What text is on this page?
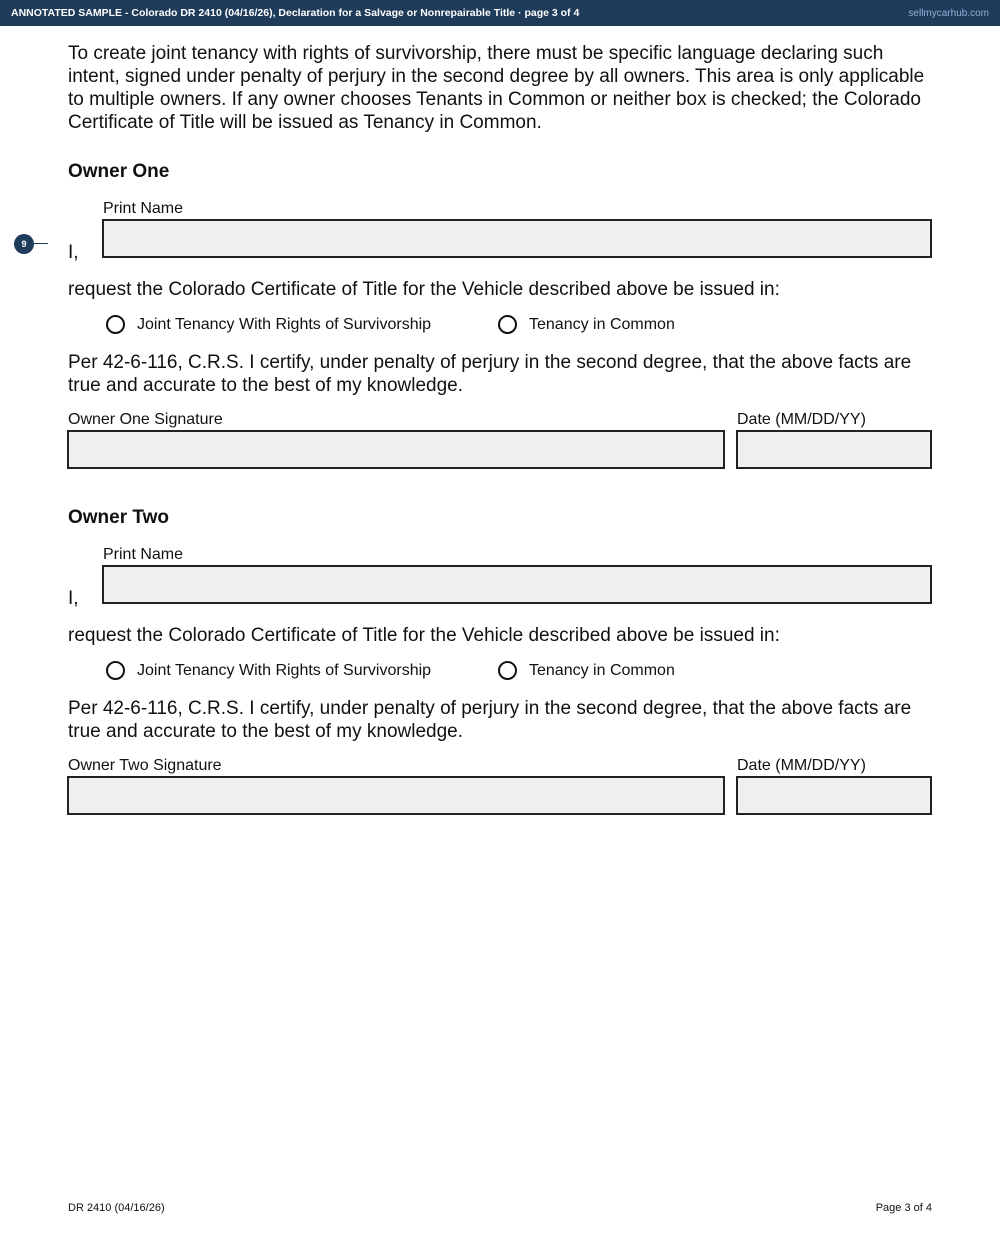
ANNOTATED SAMPLE - Colorado DR 2410 (04/16/26), Declaration for a Salvage or Nonrepairable Title · page 3 of 4	sellmycarhub.com
To create joint tenancy with rights of survivorship, there must be specific language declaring such intent, signed under penalty of perjury in the second degree by all owners. This area is only applicable to multiple owners. If any owner chooses Tenants in Common or neither box is checked; the Colorado Certificate of Title will be issued as Tenancy in Common.
9
Owner One
Print Name
I,
request the Colorado Certificate of Title for the Vehicle described above be issued in:
Joint Tenancy With Rights of Survivorship	Tenancy in Common
Per 42-6-116, C.R.S. I certify, under penalty of perjury in the second degree, that the above facts are true and accurate to the best of my knowledge.
Owner One Signature	Date (MM/DD/YY)
Owner Two
Print Name
I,
request the Colorado Certificate of Title for the Vehicle described above be issued in:
Joint Tenancy With Rights of Survivorship	Tenancy in Common
Per 42-6-116, C.R.S. I certify, under penalty of perjury in the second degree, that the above facts are true and accurate to the best of my knowledge.
Owner Two Signature	Date (MM/DD/YY)
DR 2410 (04/16/26)	Page 3 of 4
